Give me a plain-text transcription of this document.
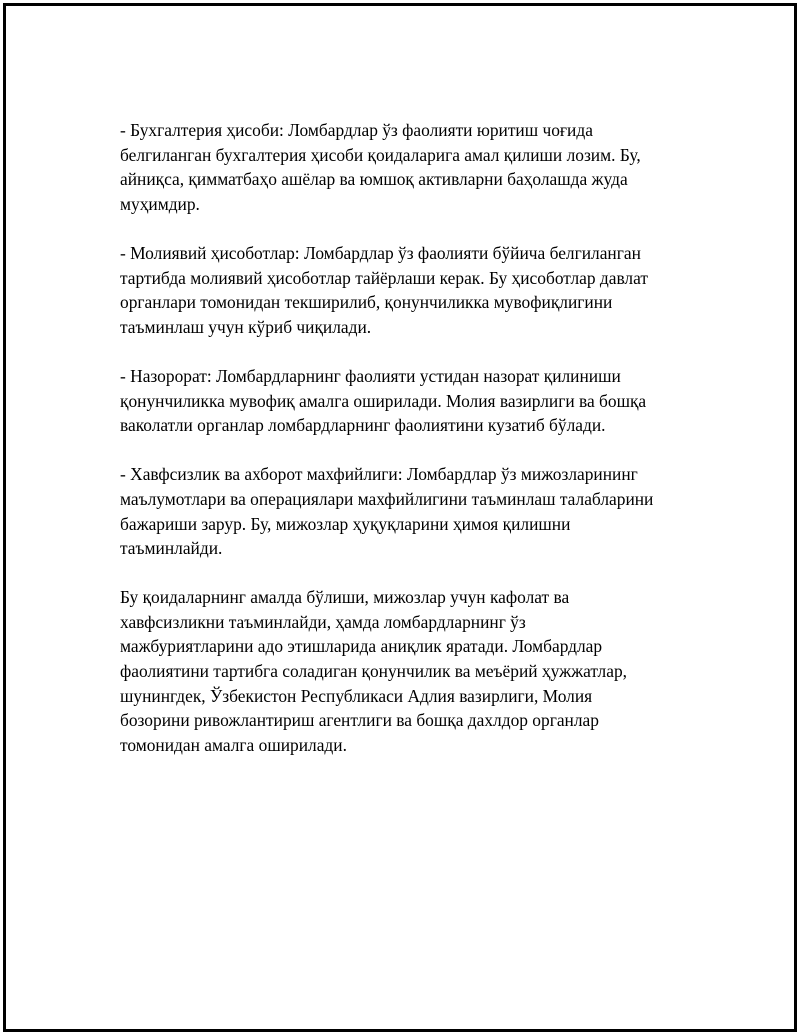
- Бухгалтерия ҳисоби: Ломбардлар ўз фаолияти юритиш чоғида
белгиланган бухгалтерия ҳисоби қоидаларига амал қилиши лозим. Бу,
айниқса, қимматбаҳо ашёлар ва юмшоқ активларни баҳолашда жуда
муҳимдир.

- Молиявий ҳисоботлар: Ломбардлар ўз фаолияти бўйича белгиланган
тартибда молиявий ҳисоботлар тайёрлаши керак. Бу ҳисоботлар давлат
органлари томонидан текширилиб, қонунчиликка мувофиқлигини
таъминлаш учун кўриб чиқилади.

- Назорорат: Ломбардларнинг фаолияти устидан назорат қилиниши
қонунчиликка мувофиқ амалга оширилади. Молия вазирлиги ва бошқа
ваколатли органлар ломбардларнинг фаолиятини кузатиб бўлади.

- Хавфсизлик ва ахборот махфийлиги: Ломбардлар ўз мижозларининг
маълумотлари ва операциялари махфийлигини таъминлаш талабларини
бажариши зарур. Бу, мижозлар ҳуқуқларини ҳимоя қилишни
таъминлайди.

Бу қоидаларнинг амалда бўлиши, мижозлар учун кафолат ва
хавфсизликни таъминлайди, ҳамда ломбардларнинг ўз
мажбуриятларини адо этишларида аниқлик яратади. Ломбардлар
фаолиятини тартибга соладиган қонунчилик ва меъёрий ҳужжатлар,
шунингдек, Ўзбекистон Республикаси Адлия вазирлиги, Молия
бозорини ривожлантириш агентлиги ва бошқа дахлдор органлар
томонидан амалга оширилади.
